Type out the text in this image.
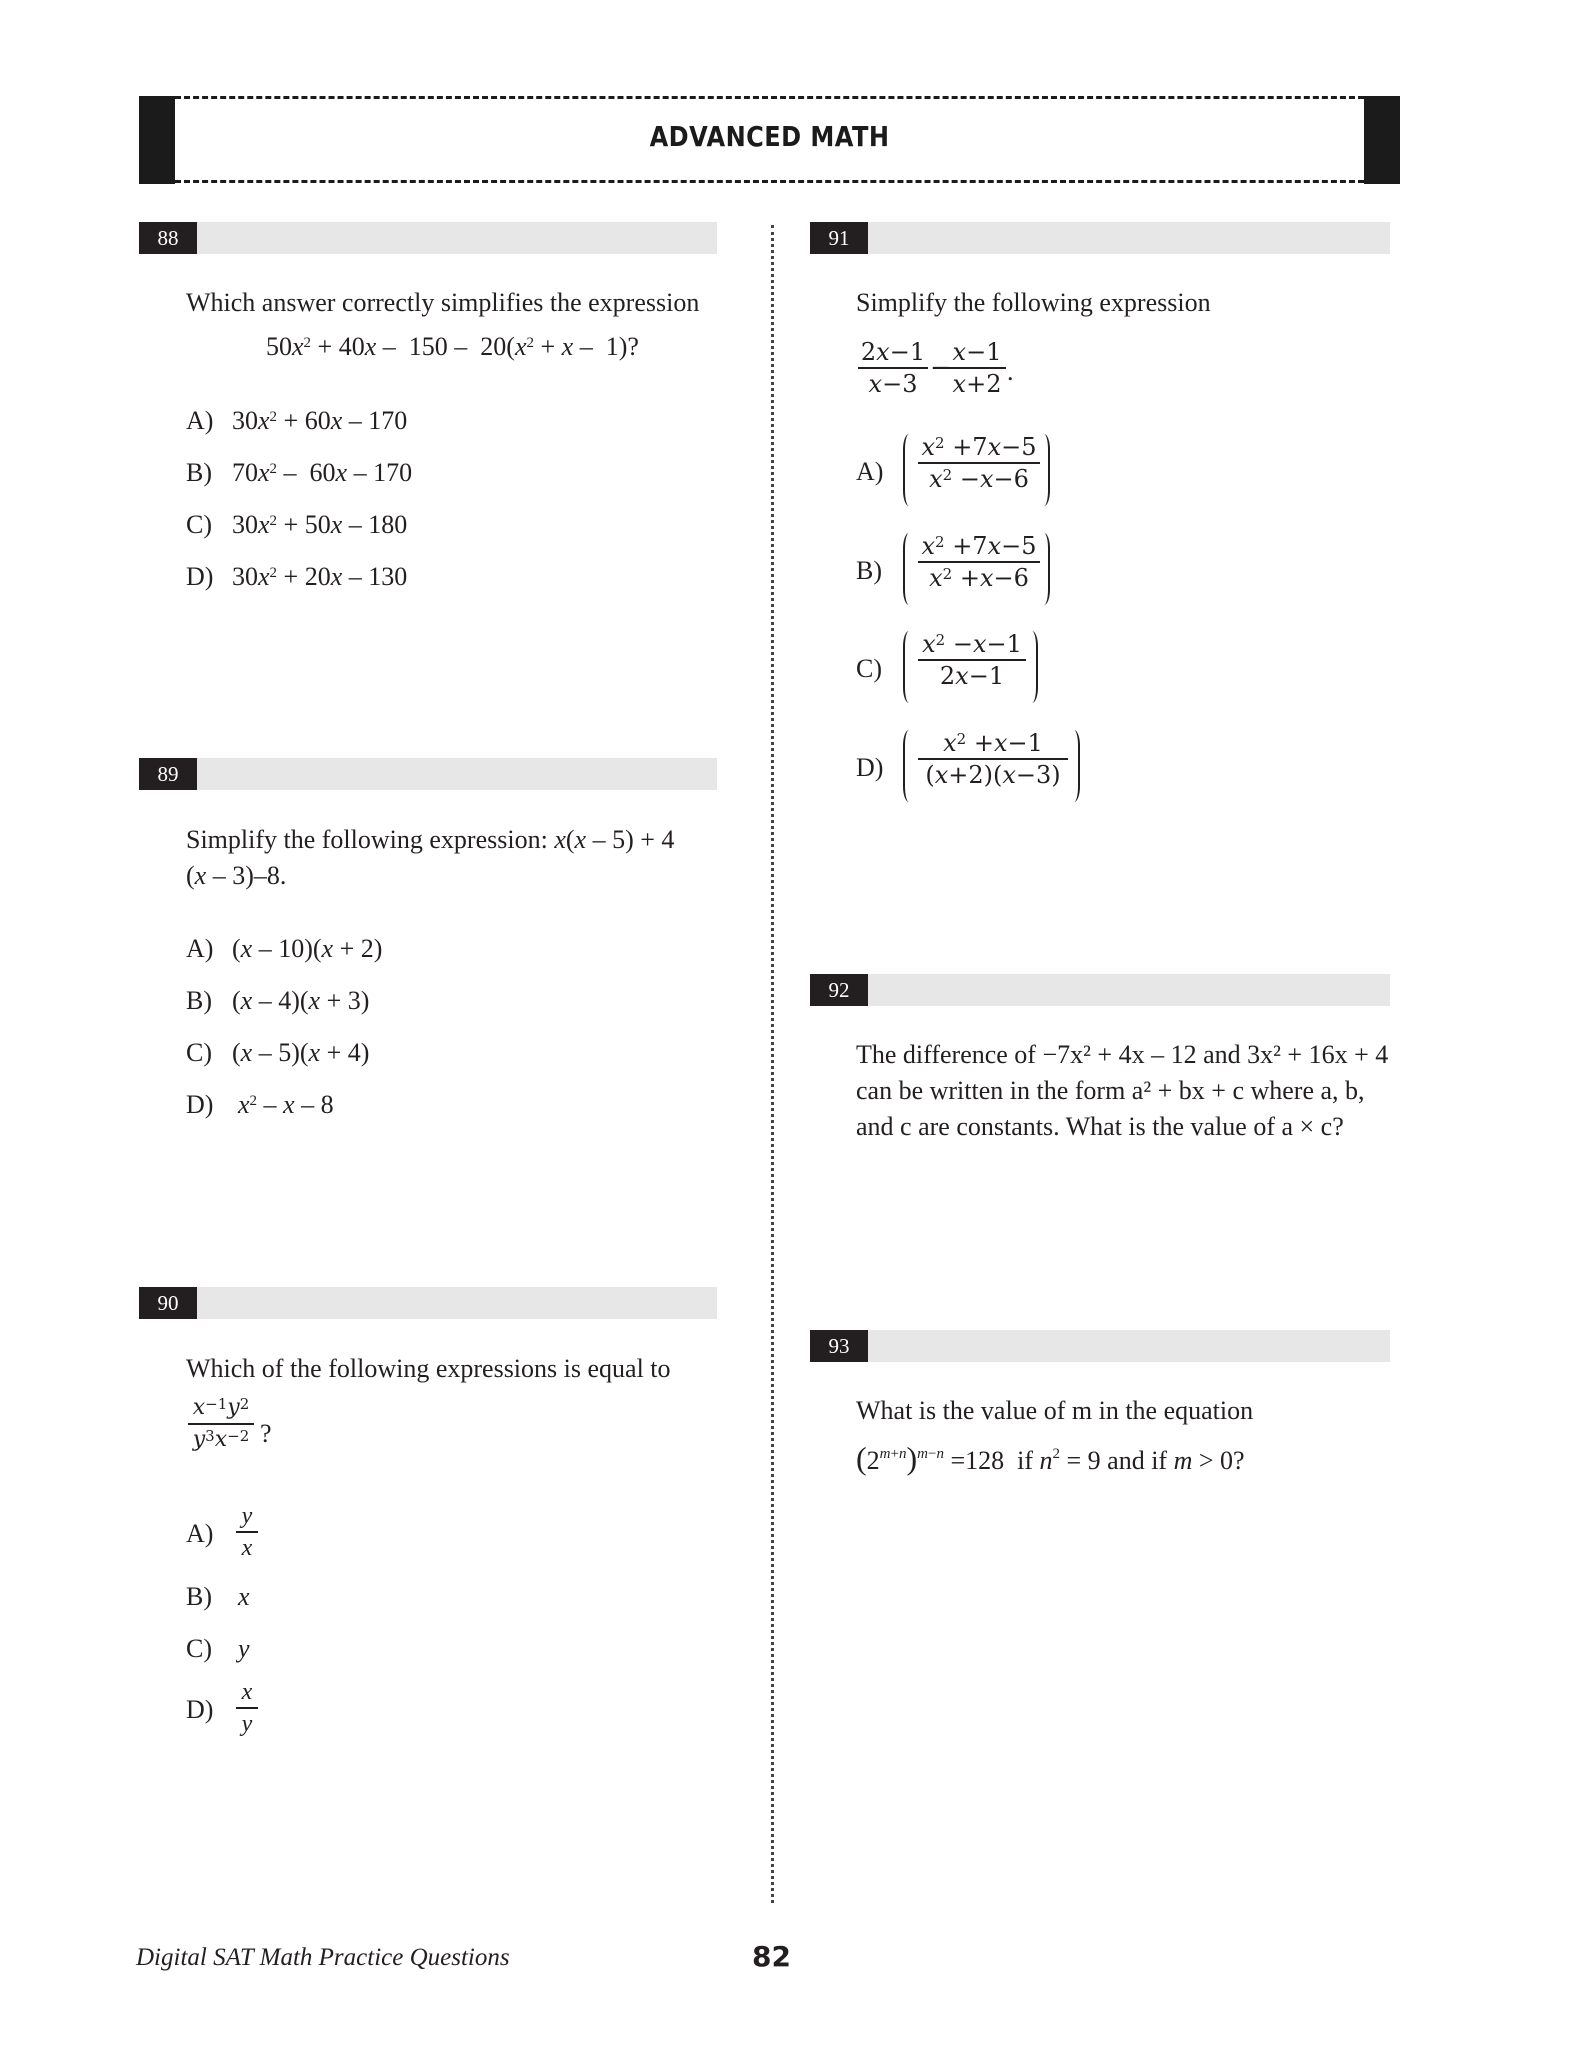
ADVANCED MATH
88
Which answer correctly simplifies the expression
$50x^2 + 40x - 150 - 20(x^2 + x - 1)$?
A) $30x^2 + 60x - 170$
B) $70x^2 - 60x - 170$
C) $30x^2 + 50x - 180$
D) $30x^2 + 20x - 130$
89
Simplify the following expression: x(x – 5) + 4
(x – 3)–8.
A) (x – 10)(x + 2)
B) (x – 4)(x + 3)
C) (x – 5)(x + 4)
D) $x^2$ – x – 8
90
Which of the following expressions is equal to
$x^{-1}y^2$
$y^3x^{-2}$ ?
A)
y
x
B) x
C) y
D)
x
y
91
Simplify the following expression
2x−1
x−3
−
x−1
x+2 .
A)
$x^2 +7x-5$
$x^2 -x-6$
B)
$x^2 +7x-5$
$x^2 +x-6$
C)
$x^2 -x-1$
2x−1
D)
$x^2 +x-1$
(x+2)(x−3)
92
The difference of −7x² + 4x – 12 and 3x² + 16x + 4
can be written in the form a² + bx + c where a, b,
and c are constants. What is the value of a × c?
93
What is the value of m in the equation
$(2^{m+n})^{m-n} =128$  if $n^2 = 9$ and if m > 0?
Digital SAT Math Practice Questions	82
